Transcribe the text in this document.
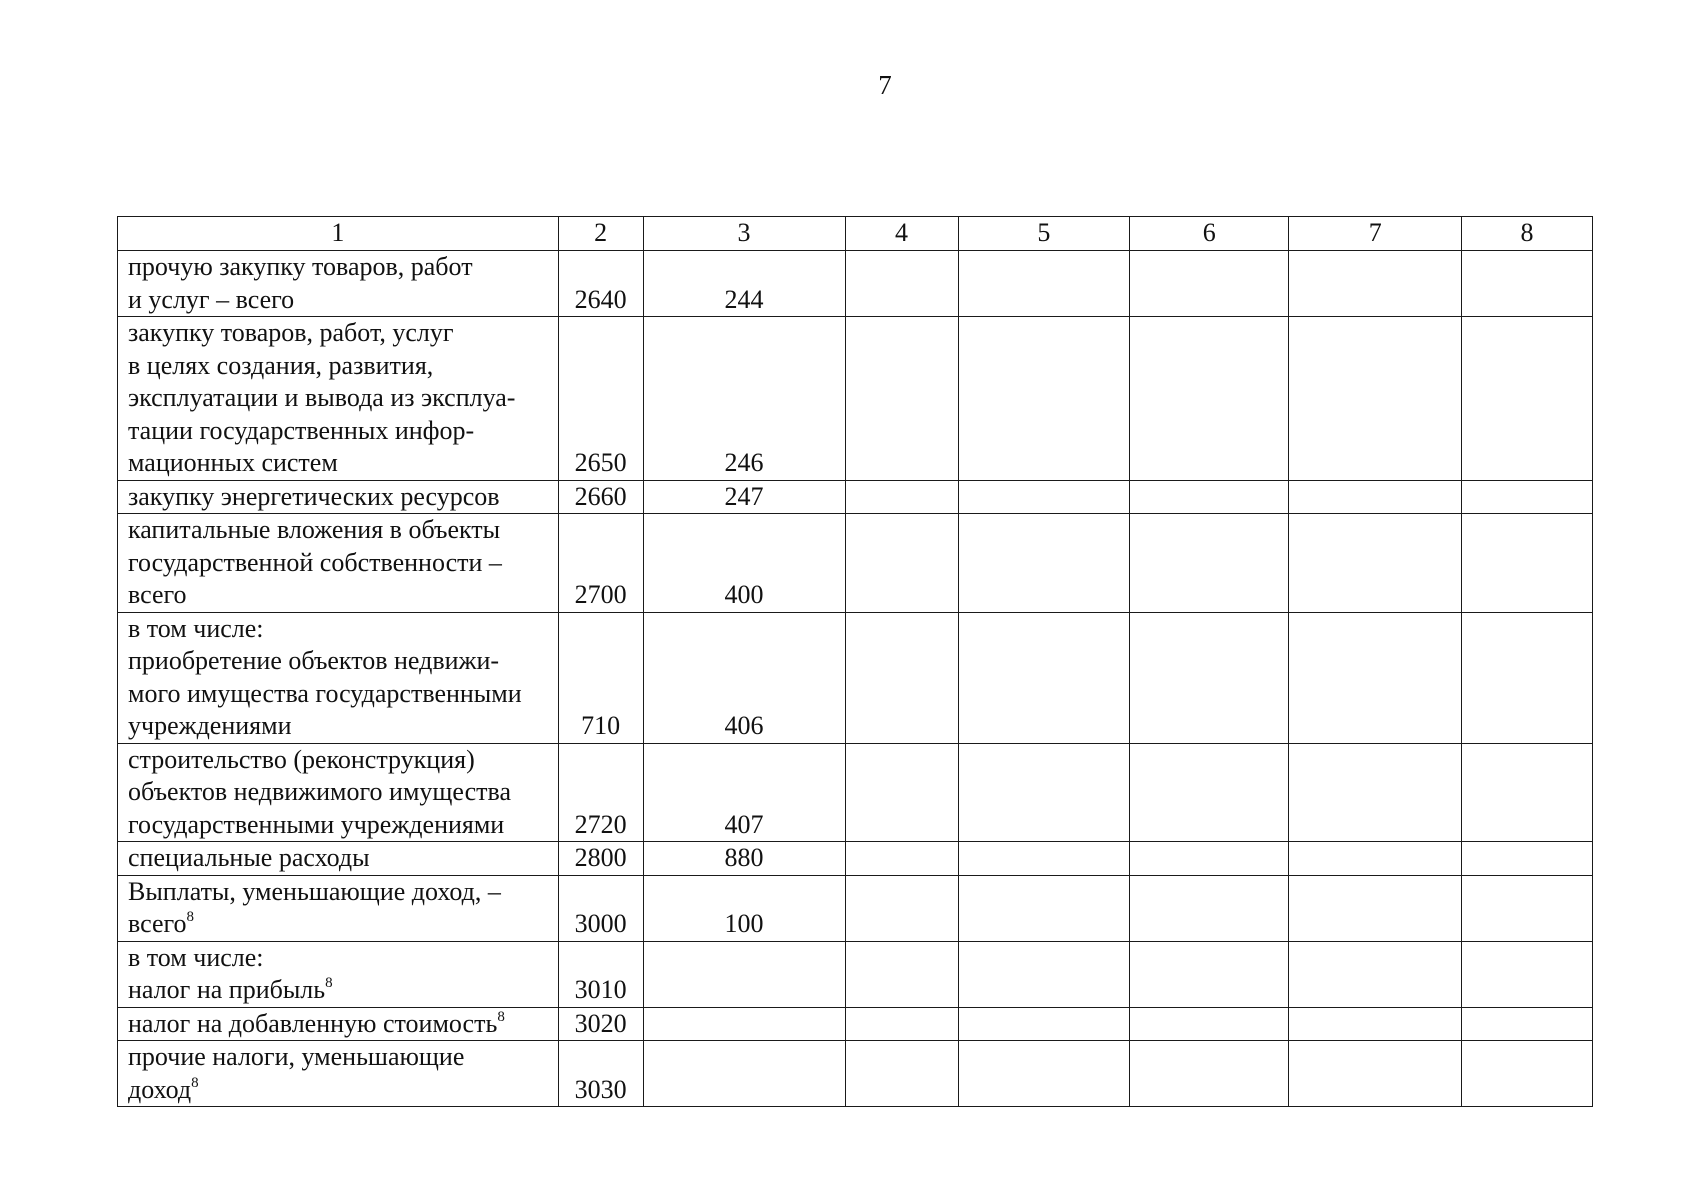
7
1	2	3	4	5	6	7	8
прочую закупку товаров, работ
и услуг – всего	2640	244					
закупку товаров, работ, услуг
в целях создания, развития,
эксплуатации и вывода из эксплуа-
тации государственных инфор-
мационных систем	2650	246					
закупку энергетических ресурсов	2660	247					
капитальные вложения в объекты
государственной собственности –
всего	2700	400					
в том числе:
приобретение объектов недвижи-
мого имущества государственными
учреждениями	710	406					
строительство (реконструкция)
объектов недвижимого имущества
государственными учреждениями	2720	407					
специальные расходы	2800	880					
Выплаты, уменьшающие доход, –
всего$^8$	3000	100					
в том числе:
налог на прибыль$^8$	3010						
налог на добавленную стоимость$^8$	3020						
прочие налоги, уменьшающие
доход$^8$	3030						
